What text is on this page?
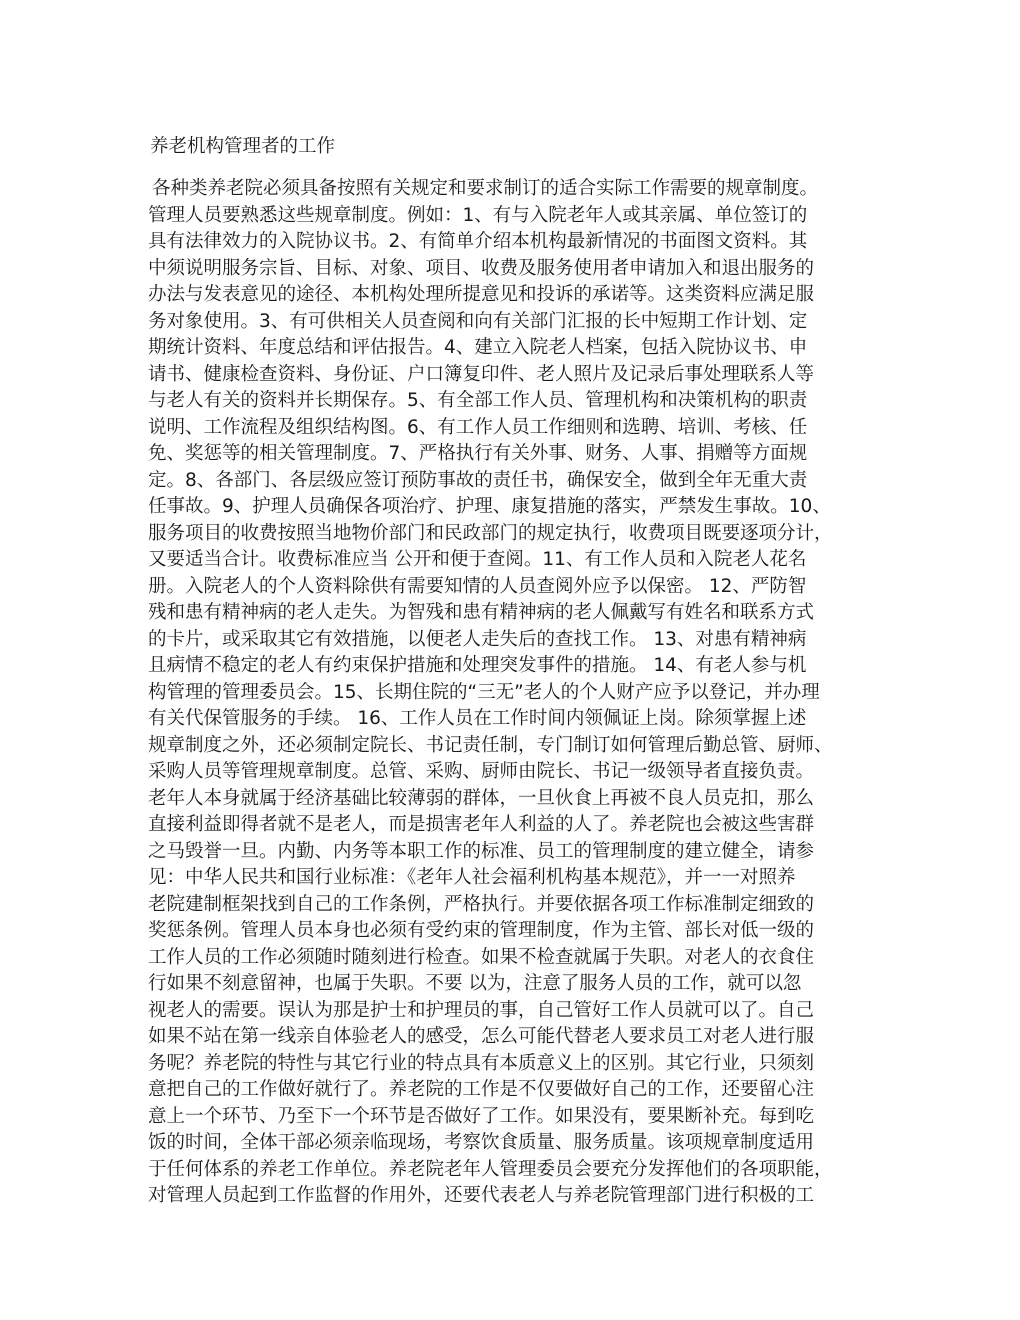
养老机构管理者的工作
各种类养老院必须具备按照有关规定和要求制订的适合实际工作需要的规章制度。
管理人员要熟悉这些规章制度。例如：1、有与入院老年人或其亲属、单位签订的
具有法律效力的入院协议书。2、有简单介绍本机构最新情况的书面图文资料。其
中须说明服务宗旨、目标、对象、项目、收费及服务使用者申请加入和退出服务的
办法与发表意见的途径、本机构处理所提意见和投诉的承诺等。这类资料应满足服
务对象使用。3、有可供相关人员查阅和向有关部门汇报的长中短期工作计划、定
期统计资料、年度总结和评估报告。4、建立入院老人档案，包括入院协议书、申
请书、健康检查资料、身份证、户口簿复印件、老人照片及记录后事处理联系人等
与老人有关的资料并长期保存。5、有全部工作人员、管理机构和决策机构的职责
说明、工作流程及组织结构图。6、有工作人员工作细则和选聘、培训、考核、任
免、奖惩等的相关管理制度。7、严格执行有关外事、财务、人事、捐赠等方面规
定。8、各部门、各层级应签订预防事故的责任书，确保安全，做到全年无重大责
任事故。9、护理人员确保各项治疗、护理、康复措施的落实，严禁发生事故。10、
服务项目的收费按照当地物价部门和民政部门的规定执行，收费项目既要逐项分计，
又要适当合计。收费标准应当 公开和便于查阅。11、有工作人员和入院老人花名
册。入院老人的个人资料除供有需要知情的人员查阅外应予以保密。 12、严防智
残和患有精神病的老人走失。为智残和患有精神病的老人佩戴写有姓名和联系方式
的卡片，或采取其它有效措施，以便老人走失后的查找工作。 13、对患有精神病
且病情不稳定的老人有约束保护措施和处理突发事件的措施。 14、有老人参与机
构管理的管理委员会。15、长期住院的“三无”老人的个人财产应予以登记，并办理
有关代保管服务的手续。 16、工作人员在工作时间内领佩证上岗。除须掌握上述
规章制度之外，还必须制定院长、书记责任制，专门制订如何管理后勤总管、厨师、
采购人员等管理规章制度。总管、采购、厨师由院长、书记一级领导者直接负责。
老年人本身就属于经济基础比较薄弱的群体，一旦伙食上再被不良人员克扣，那么
直接利益即得者就不是老人，而是损害老年人利益的人了。养老院也会被这些害群
之马毁誉一旦。内勤、内务等本职工作的标准、员工的管理制度的建立健全，请参
见：中华人民共和国行业标准：《老年人社会福利机构基本规范》，并一一对照养
老院建制框架找到自己的工作条例，严格执行。并要依据各项工作标准制定细致的
奖惩条例。管理人员本身也必须有受约束的管理制度，作为主管、部长对低一级的
工作人员的工作必须随时随刻进行检查。如果不检查就属于失职。对老人的衣食住
行如果不刻意留神，也属于失职。不要 以为，注意了服务人员的工作，就可以忽
视老人的需要。误认为那是护士和护理员的事，自己管好工作人员就可以了。自己
如果不站在第一线亲自体验老人的感受，怎么可能代替老人要求员工对老人进行服
务呢？养老院的特性与其它行业的特点具有本质意义上的区别。其它行业，只须刻
意把自己的工作做好就行了。养老院的工作是不仅要做好自己的工作，还要留心注
意上一个环节、乃至下一个环节是否做好了工作。如果没有，要果断补充。每到吃
饭的时间，全体干部必须亲临现场，考察饮食质量、服务质量。该项规章制度适用
于任何体系的养老工作单位。养老院老年人管理委员会要充分发挥他们的各项职能，
对管理人员起到工作监督的作用外，还要代表老人与养老院管理部门进行积极的工
